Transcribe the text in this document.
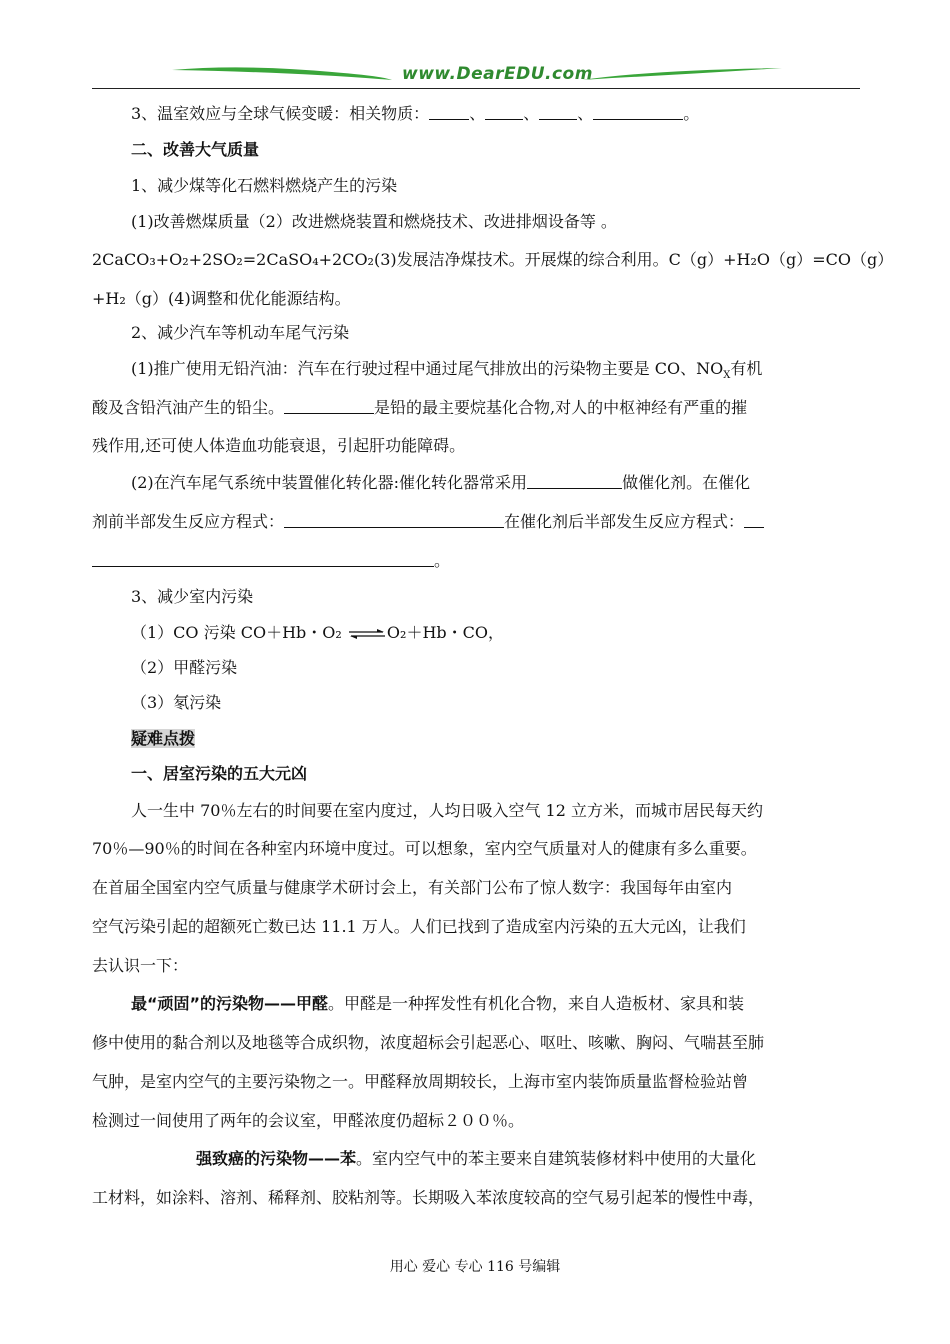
www.DearEDU.com
3、温室效应与全球气候变暖：相关物质：	、 、 、	。
二、改善大气质量
1、减少煤等化石燃料燃烧产生的污染
(1)改善燃煤质量（2）改进燃烧装置和燃烧技术、改进排烟设备等 。
2CaCO₃+O₂+2SO₂=2CaSO₄+2CO₂(3)发展洁净煤技术。开展煤的综合利用。C（g）+H₂O（g）=CO（g）
+H₂（g）(4)调整和优化能源结构。
2、减少汽车等机动车尾气污染
(1)推广使用无铅汽油：汽车在行驶过程中通过尾气排放出的污染物主要是 CO、$NO_X$有机
酸及含铅汽油产生的铅尘。	是铅的最主要烷基化合物,对人的中枢神经有严重的摧
残作用,还可使人体造血功能衰退，引起肝功能障碍。
(2)在汽车尾气系统中装置催化转化器:催化转化器常采用	做催化剂。在催化
剂前半部发生反应方程式：	在催化剂后半部发生反应方程式：
。
3、减少室内污染
（1）CO 污染 CO＋Hb・O₂ ⇌O₂＋Hb・CO，
（2）甲醛污染
（3）氡污染
疑难点拨
一、居室污染的五大元凶
人一生中 70％左右的时间要在室内度过，人均日吸入空气 12 立方米，而城市居民每天约
70％—90％的时间在各种室内环境中度过。可以想象，室内空气质量对人的健康有多么重要。
在首届全国室内空气质量与健康学术研讨会上，有关部门公布了惊人数字：我国每年由室内
空气污染引起的超额死亡数已达 11.1 万人。人们已找到了造成室内污染的五大元凶，让我们
去认识一下：
最“顽固”的污染物——甲醛。甲醛是一种挥发性有机化合物，来自人造板材、家具和装
修中使用的黏合剂以及地毯等合成织物，浓度超标会引起恶心、呕吐、咳嗽、胸闷、气喘甚至肺
气肿，是室内空气的主要污染物之一。甲醛释放周期较长，上海市室内装饰质量监督检验站曾
检测过一间使用了两年的会议室，甲醛浓度仍超标２００％。
强致癌的污染物——苯。室内空气中的苯主要来自建筑装修材料中使用的大量化
工材料，如涂料、溶剂、稀释剂、胶粘剂等。长期吸入苯浓度较高的空气易引起苯的慢性中毒，
用心 爱心 专心 116 号编辑
